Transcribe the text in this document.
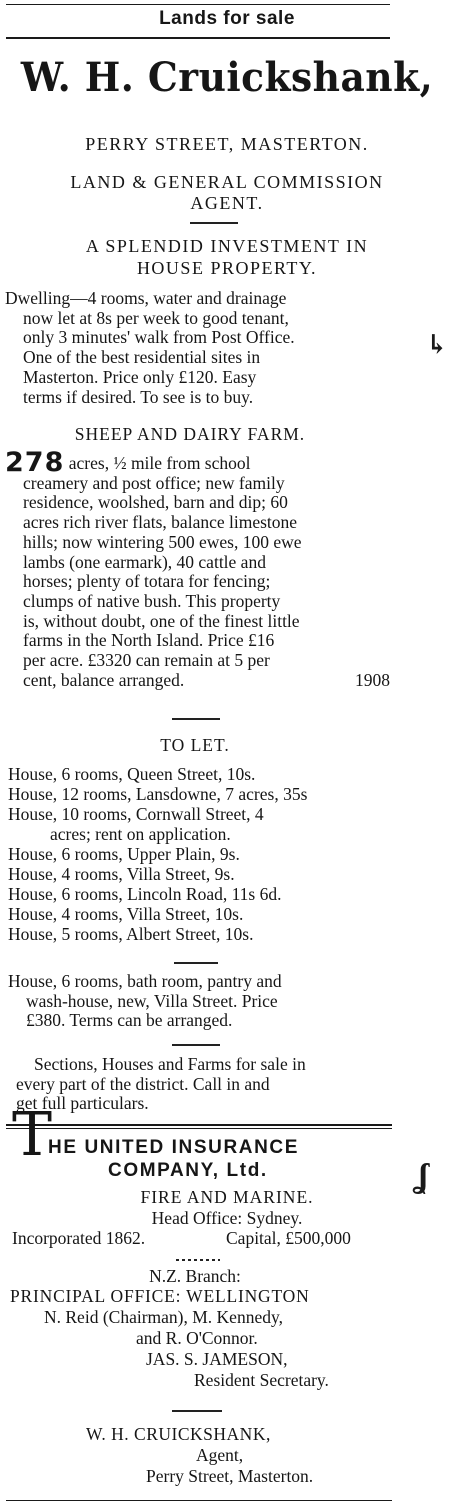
Lands for sale
W. H. Cruickshank,
PERRY STREET, MASTERTON.
LAND & GENERAL COMMISSION
AGENT.
A SPLENDID INVESTMENT IN
HOUSE PROPERTY.
Dwelling—4 rooms, water and drainage
now let at 8s per week to good tenant,
only 3 minutes' walk from Post Office.
One of the best residential sites in
Masterton. Price only £120. Easy
terms if desired. To see is to buy.
↳
SHEEP AND DAIRY FARM.
278 acres, ½ mile from school
creamery and post office; new family
residence, woolshed, barn and dip; 60
acres rich river flats, balance limestone
hills; now wintering 500 ewes, 100 ewe
lambs (one earmark), 40 cattle and
horses; plenty of totara for fencing;
clumps of native bush. This property
is, without doubt, one of the finest little
farms in the North Island. Price £16
per acre. £3320 can remain at 5 per
cent, balance arranged.	1908
TO LET.
House, 6 rooms, Queen Street, 10s.
House, 12 rooms, Lansdowne, 7 acres, 35s
House, 10 rooms, Cornwall Street, 4
acres; rent on application.
House, 6 rooms, Upper Plain, 9s.
House, 4 rooms, Villa Street, 9s.
House, 6 rooms, Lincoln Road, 11s 6d.
House, 4 rooms, Villa Street, 10s.
House, 5 rooms, Albert Street, 10s.
House, 6 rooms, bath room, pantry and
wash-house, new, Villa Street. Price
£380. Terms can be arranged.
Sections, Houses and Farms for sale in
every part of the district. Call in and
get full particulars.
T
HE UNITED INSURANCE
COMPANY, Ltd.	ʆ
FIRE AND MARINE.
Head Office: Sydney.
Incorporated 1862.	Capital, £500,000
N.Z. Branch:
PRINCIPAL OFFICE: WELLINGTON
N. Reid (Chairman), M. Kennedy,
and R. O'Connor.
JAS. S. JAMESON,
Resident Secretary.
W. H. CRUICKSHANK,
Agent,
Perry Street, Masterton.
